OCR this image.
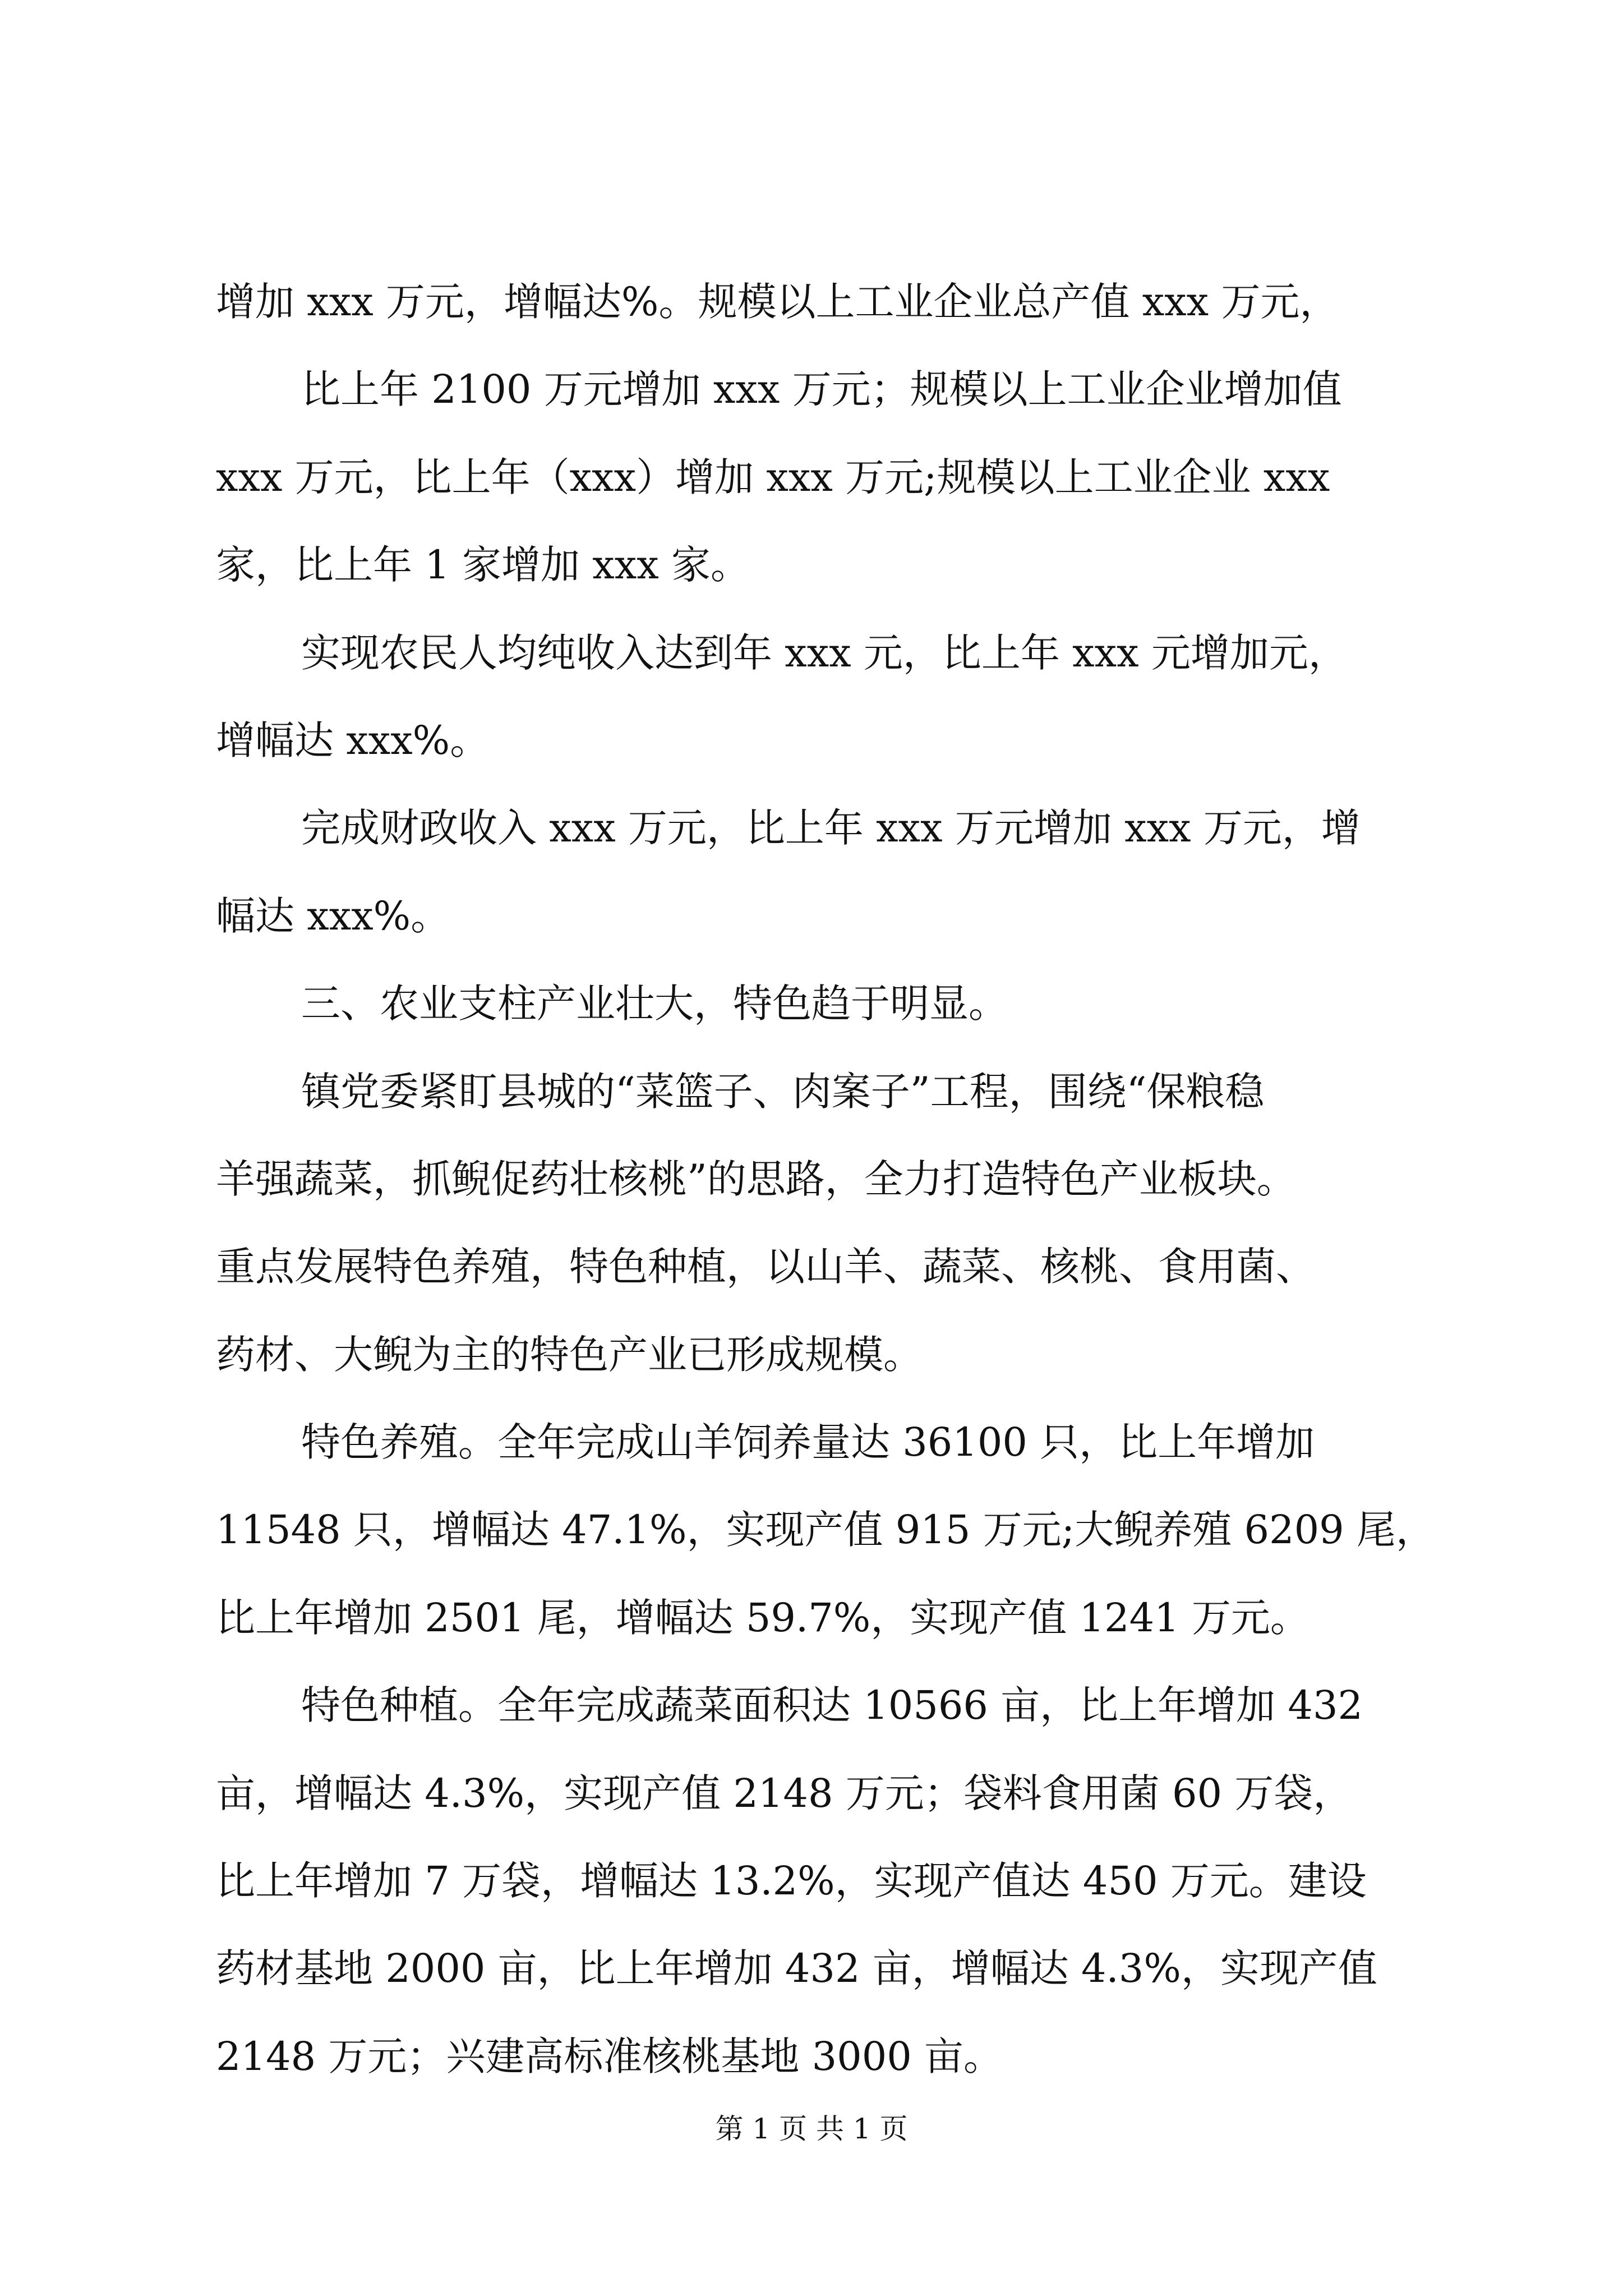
增加 xxx 万元，增幅达%。规模以上工业企业总产值 xxx 万元，
比上年 2100 万元增加 xxx 万元；规模以上工业企业增加值
xxx 万元，比上年（xxx）增加 xxx 万元;规模以上工业企业 xxx
家，比上年 1 家增加 xxx 家。
实现农民人均纯收入达到年 xxx 元，比上年 xxx 元增加元，
增幅达 xxx%。
完成财政收入 xxx 万元，比上年 xxx 万元增加 xxx 万元，增
幅达 xxx%。
三、农业支柱产业壮大，特色趋于明显。
镇党委紧盯县城的“菜篮子、肉案子”工程，围绕“保粮稳
羊强蔬菜，抓鲵促药壮核桃”的思路，全力打造特色产业板块。
重点发展特色养殖，特色种植，以山羊、蔬菜、核桃、食用菌、
药材、大鲵为主的特色产业已形成规模。
特色养殖。全年完成山羊饲养量达 36100 只，比上年增加
11548 只，增幅达 47.1%，实现产值 915 万元;大鲵养殖 6209 尾，
比上年增加 2501 尾，增幅达 59.7%，实现产值 1241 万元。
特色种植。全年完成蔬菜面积达 10566 亩，比上年增加 432
亩，增幅达 4.3%，实现产值 2148 万元；袋料食用菌 60 万袋，
比上年增加 7 万袋，增幅达 13.2%，实现产值达 450 万元。建设
药材基地 2000 亩，比上年增加 432 亩，增幅达 4.3%，实现产值
2148 万元；兴建高标准核桃基地 3000 亩。
第 1 页 共 1 页
